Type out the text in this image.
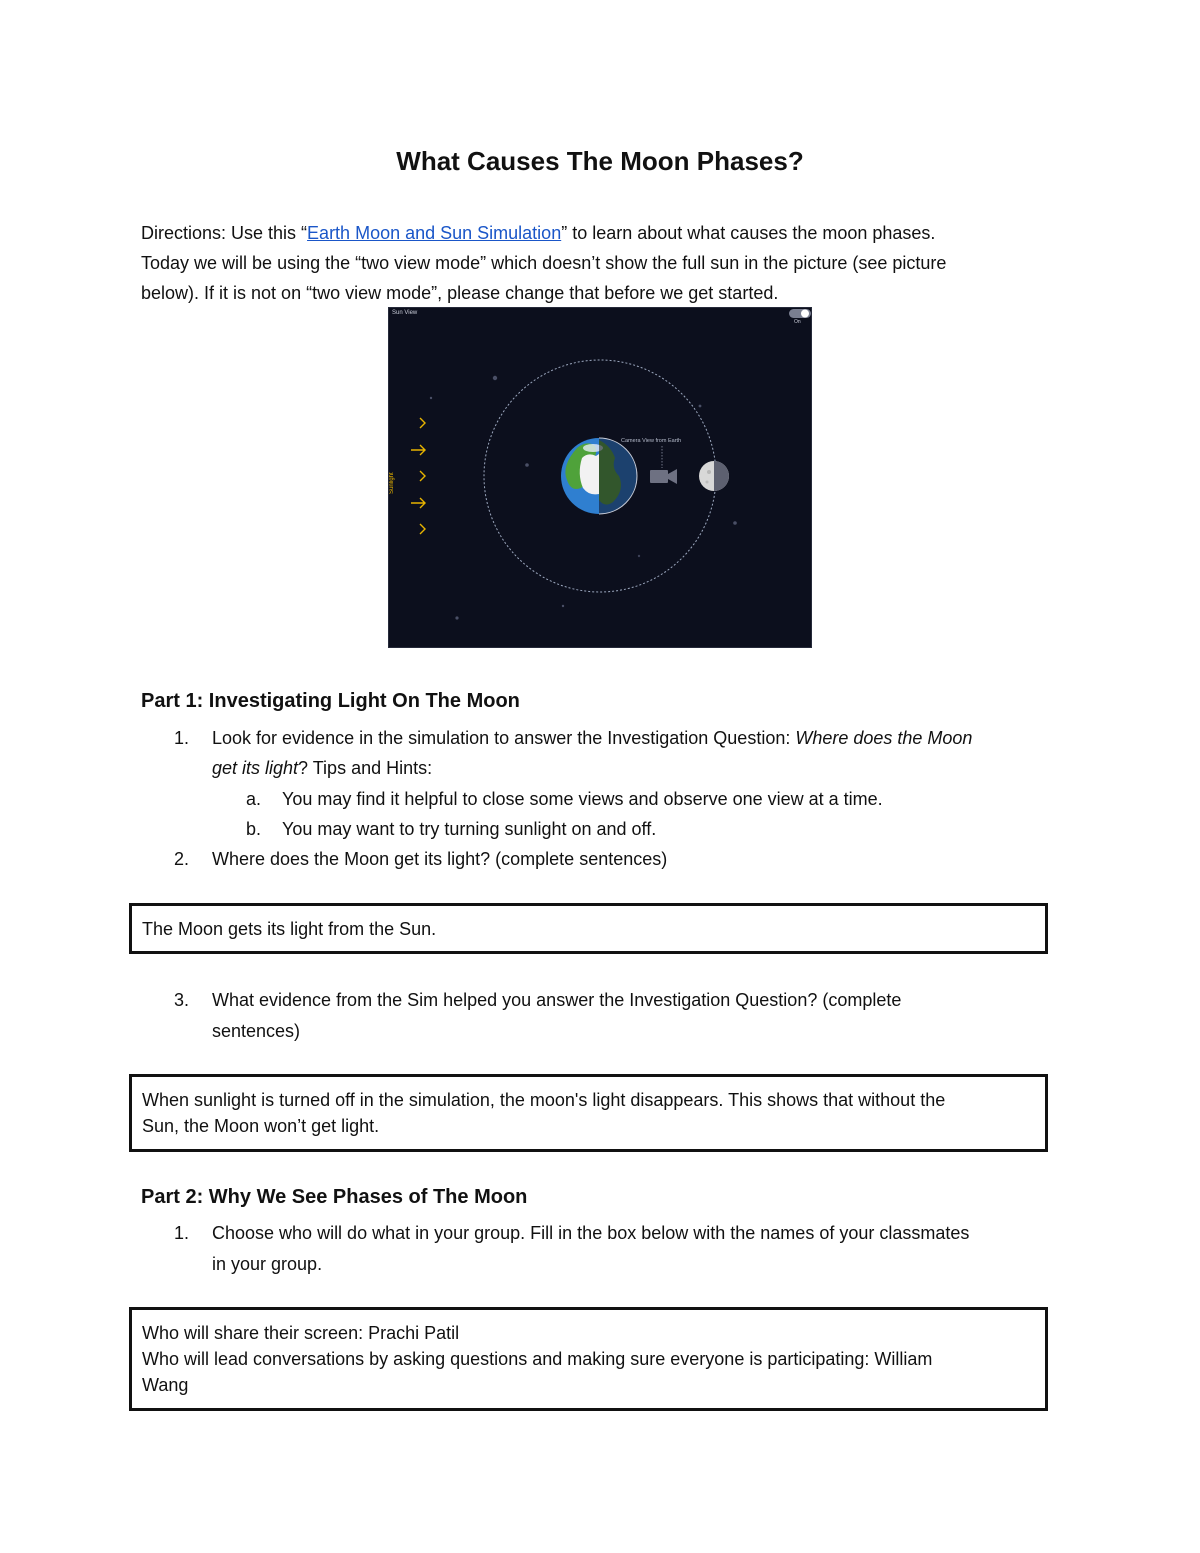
What Causes The Moon Phases?
Directions: Use this “Earth Moon and Sun Simulation” to learn about what causes the moon phases.
Today we will be using the “two view mode” which doesn’t show the full sun in the picture (see picture
below). If it is not on “two view mode”, please change that before we get started.
Sun View
On
Sunlight
Camera View from Earth
Part 1: Investigating Light On The Moon
1. Look for evidence in the simulation to answer the Investigation Question: Where does the Moon
get its light? Tips and Hints:
a. You may find it helpful to close some views and observe one view at a time.
b. You may want to try turning sunlight on and off.
2. Where does the Moon get its light? (complete sentences)

The Moon gets its light from the Sun.

3. What evidence from the Sim helped you answer the Investigation Question? (complete
sentences)

When sunlight is turned off in the simulation, the moon's light disappears. This shows that without the

Sun, the Moon won’t get light.

Part 2: Why We See Phases of The Moon
1. Choose who will do what in your group. Fill in the box below with the names of your classmates
in your group.

Who will share their screen: Prachi Patil

Who will lead conversations by asking questions and making sure everyone is participating: William

Wang
